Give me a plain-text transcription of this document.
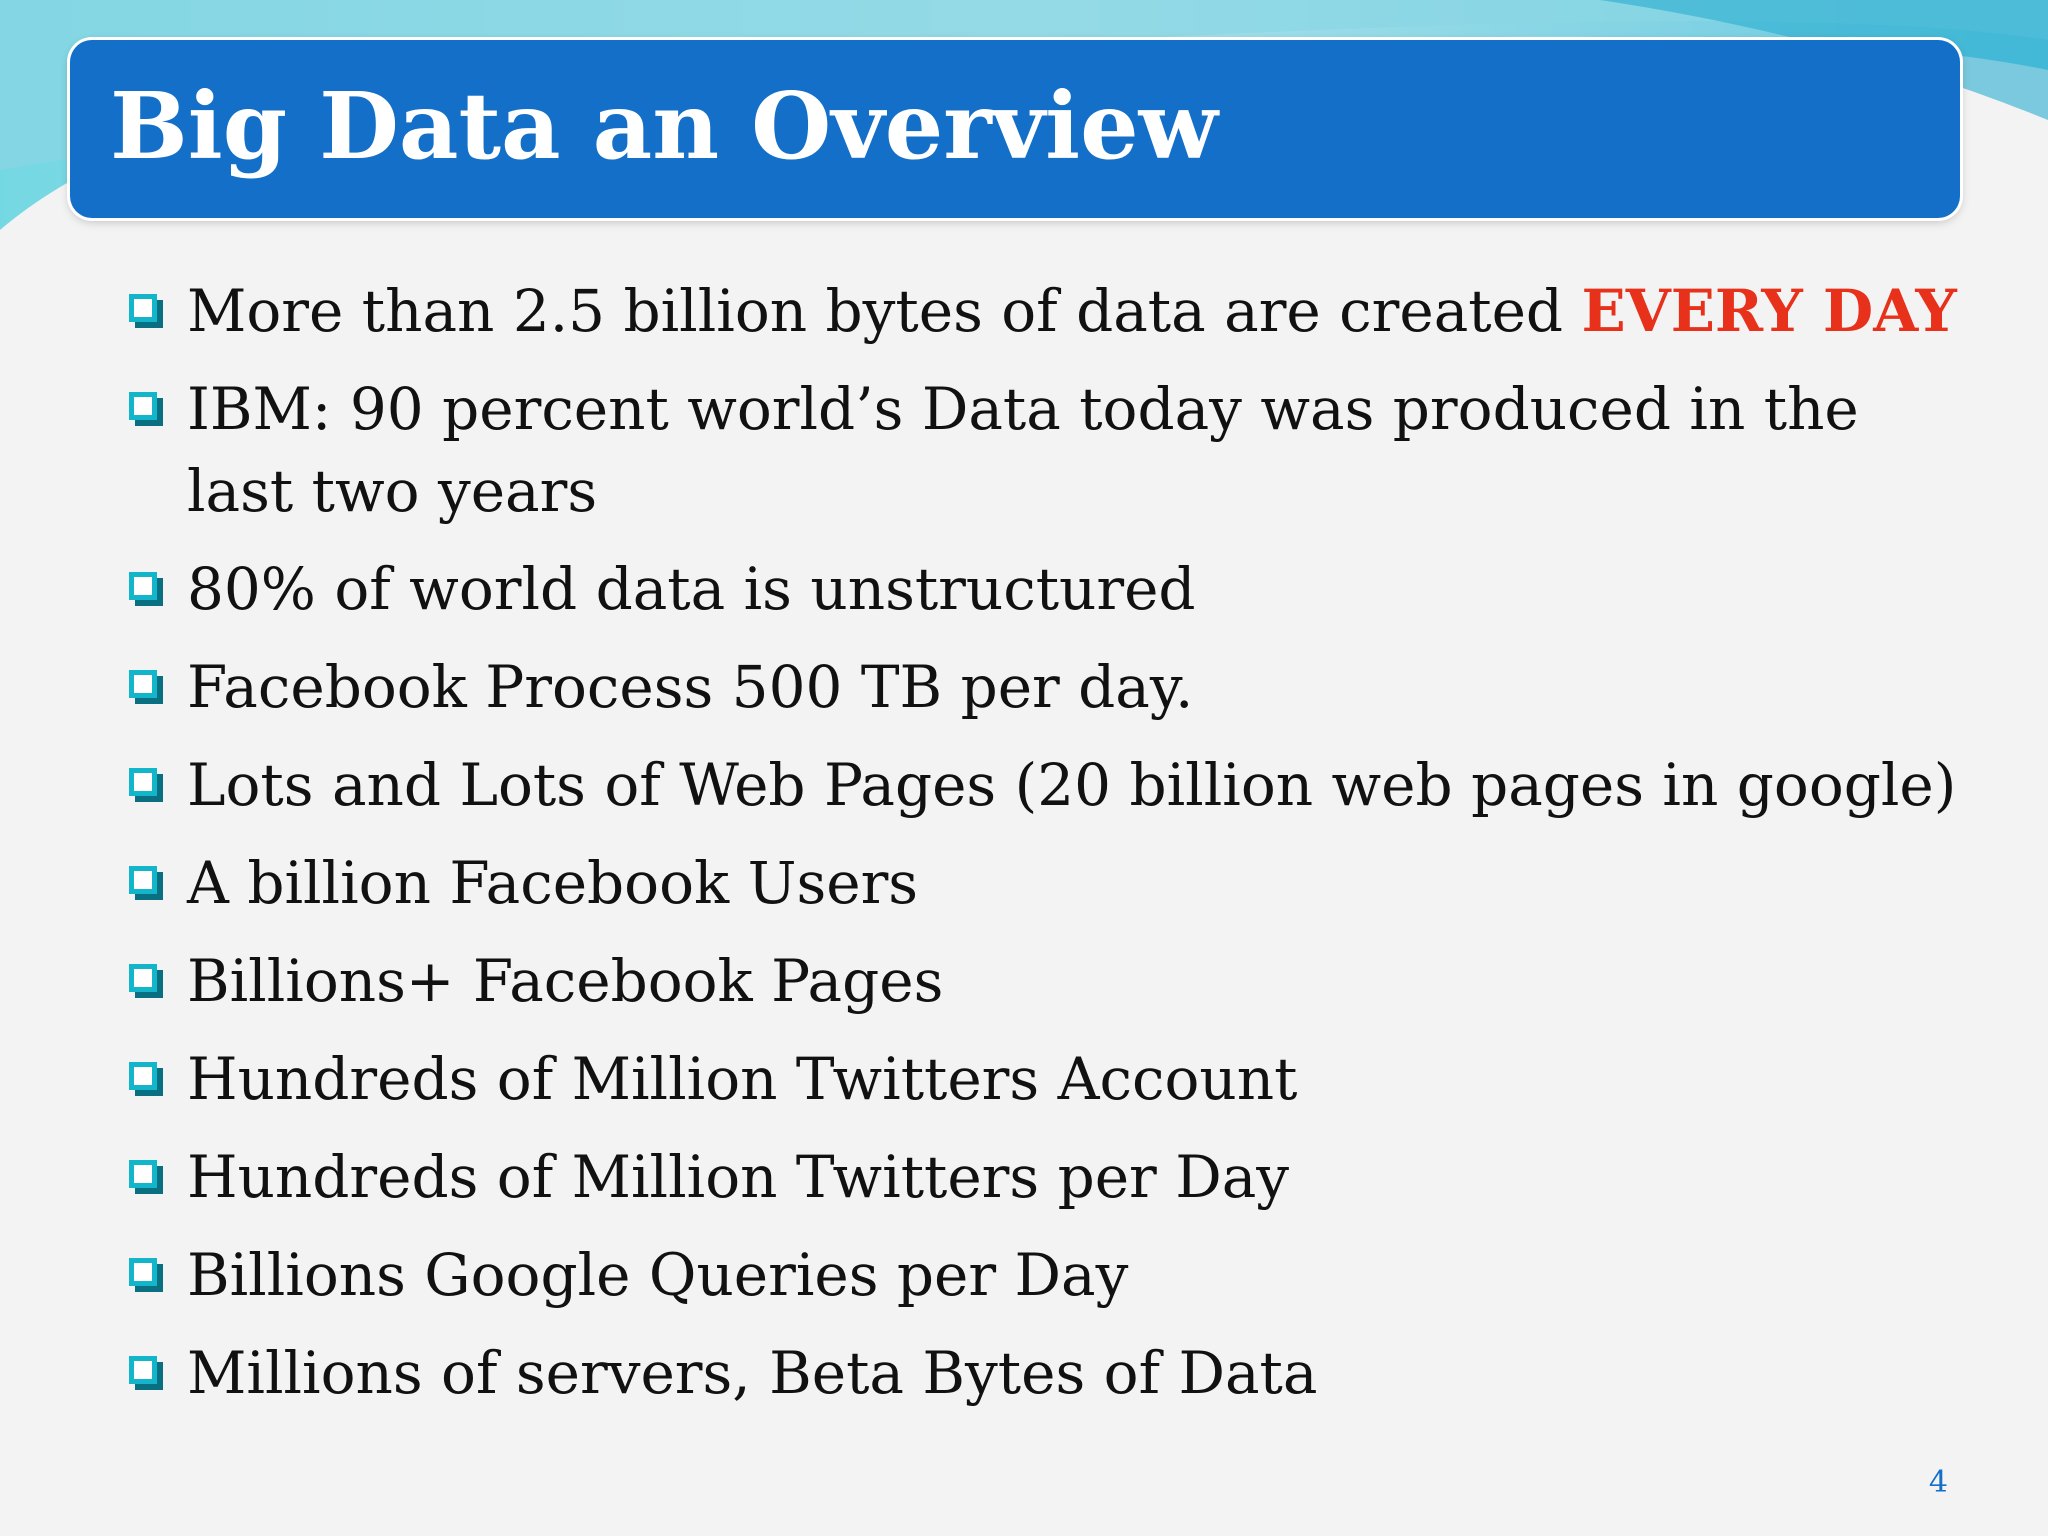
Big Data an Overview
More than 2.5 billion bytes of data are created EVERY DAY
IBM: 90 percent world’s Data today was produced in the last two years
80% of world data is unstructured
Facebook Process 500 TB per day.
Lots and Lots of Web Pages (20 billion web pages in google)
A billion Facebook Users
Billions+ Facebook Pages
Hundreds of Million Twitters Account
Hundreds of Million Twitters per Day
Billions Google Queries per Day
Millions of servers, Beta Bytes of Data
4
